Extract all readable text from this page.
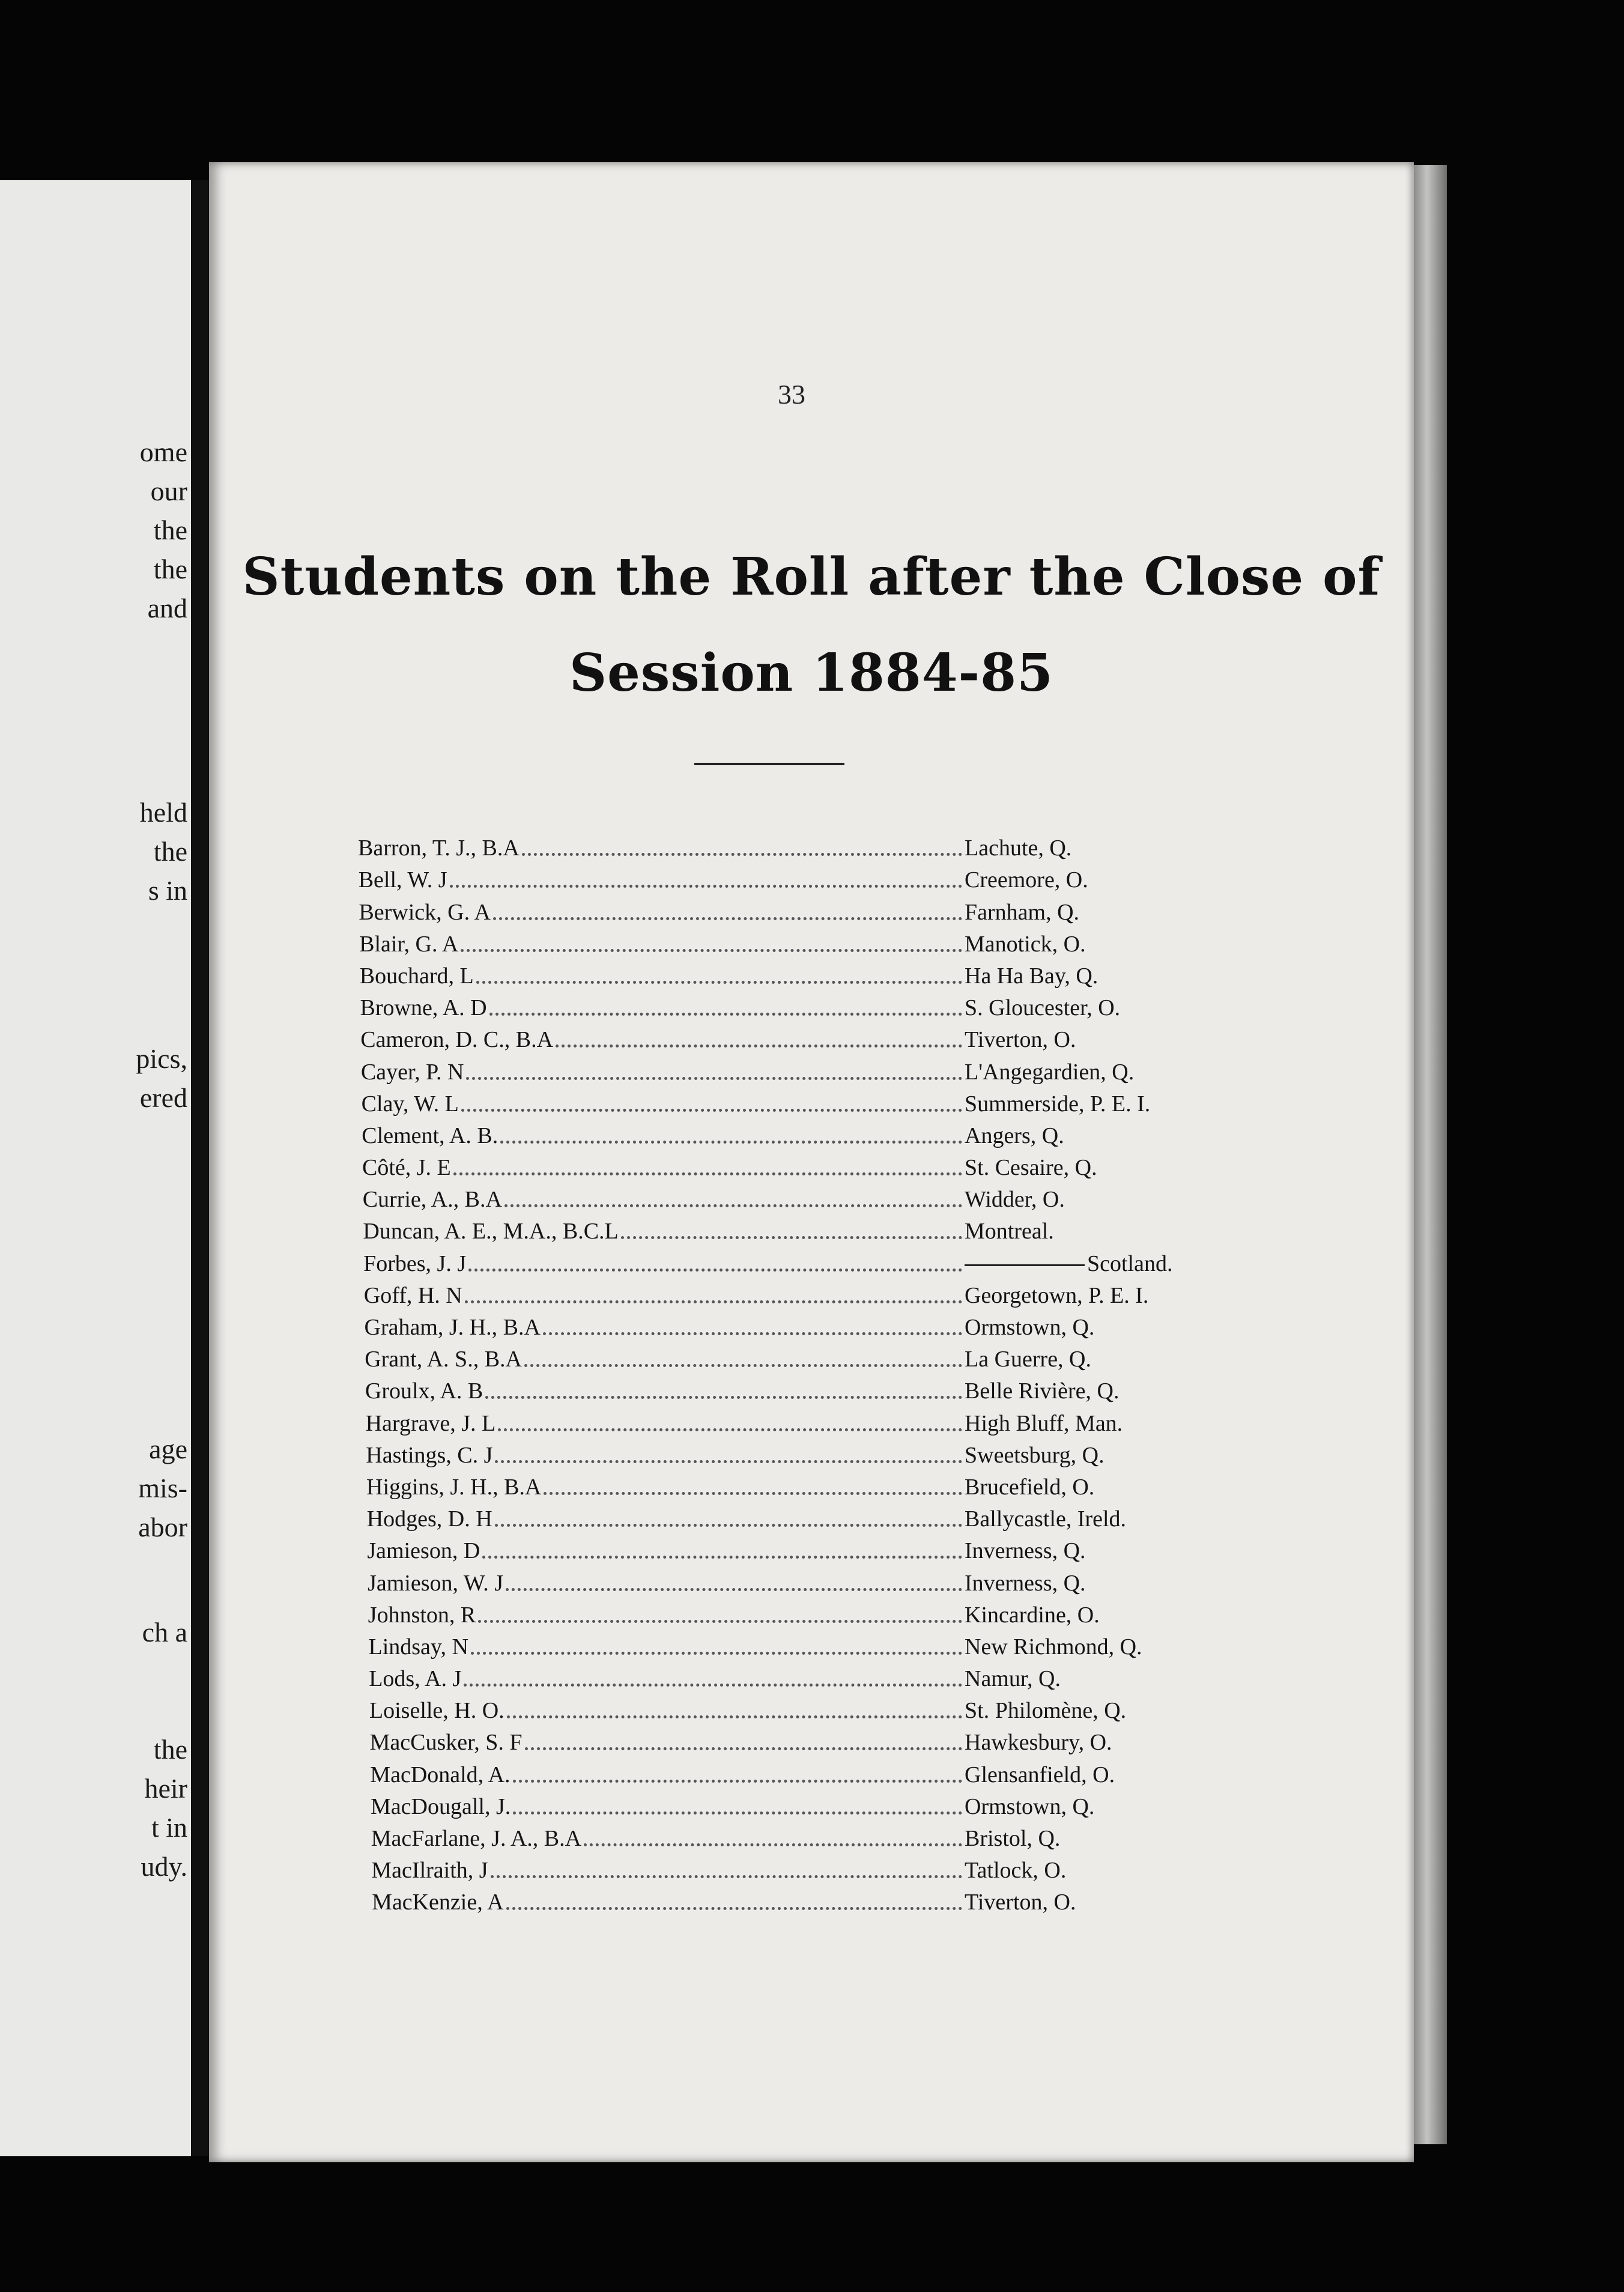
ome
our
the
the
and
held
the
s in
pics,
ered
age
mis-
abor
ch a
the
heir
t in
udy.
33
Students on the Roll after the Close of
Session 1884-85
Barron, T. J., B.A	Lachute, Q.
Bell, W. J	Creemore, O.
Berwick, G. A	Farnham, Q.
Blair, G. A	Manotick, O.
Bouchard, L	Ha Ha Bay, Q.
Browne, A. D	S. Gloucester, O.
Cameron, D. C., B.A	Tiverton, O.
Cayer, P. N	L'Angegardien, Q.
Clay, W. L	Summerside, P. E. I.
Clement, A. B.	Angers, Q.
Côté, J. E	St. Cesaire, Q.
Currie, A., B.A	Widder, O.
Duncan, A. E., M.A., B.C.L	Montreal.
Forbes, J. J	Scotland.
Goff, H. N	Georgetown, P. E. I.
Graham, J. H., B.A	Ormstown, Q.
Grant, A. S., B.A	La Guerre, Q.
Groulx, A. B	Belle Rivière, Q.
Hargrave, J. L	High Bluff, Man.
Hastings, C. J	Sweetsburg, Q.
Higgins, J. H., B.A	Brucefield, O.
Hodges, D. H	Ballycastle, Ireld.
Jamieson, D	Inverness, Q.
Jamieson, W. J	Inverness, Q.
Johnston, R	Kincardine, O.
Lindsay, N	New Richmond, Q.
Lods, A. J	Namur, Q.
Loiselle, H. O.	St. Philomène, Q.
MacCusker, S. F	Hawkesbury, O.
MacDonald, A.	Glensanfield, O.
MacDougall, J.	Ormstown, Q.
MacFarlane, J. A., B.A	Bristol, Q.
MacIlraith, J	Tatlock, O.
MacKenzie, A	Tiverton, O.
